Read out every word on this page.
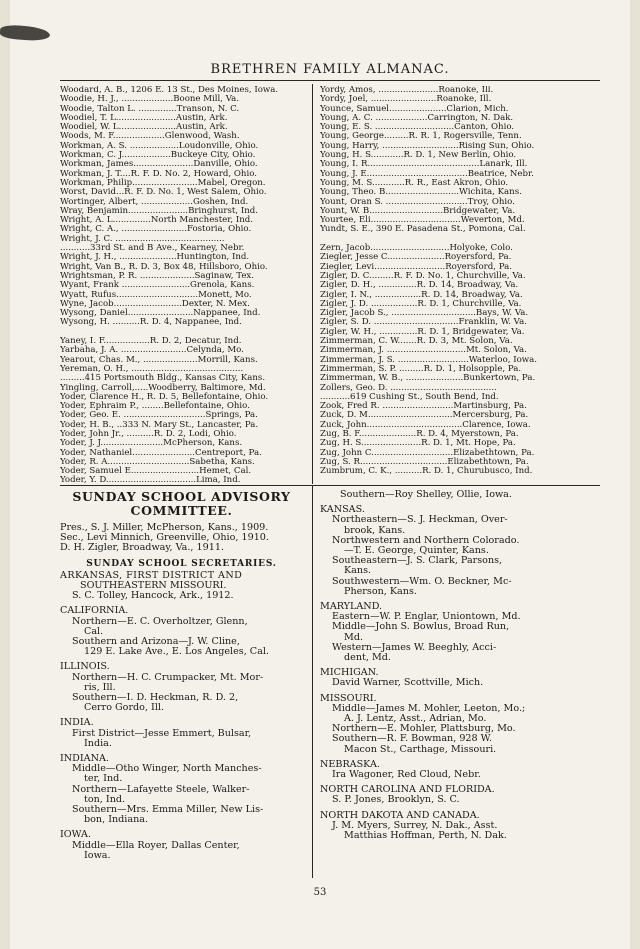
BRETHREN FAMILY ALMANAC.
Woodard, A. B., 1206 E. 13 St., Des Moines, Iowa.
Woodie, H. J., ...................Boone Mill, Va.
Woodie, Talton L. ..............Transon, N. C.
Woodiel, T. L......................Austin, Ark.
Woodiel, W. L.....................Austin, Ark.
Woods, M. F...................Glenwood, Wash.
Workman, A. S. ..................Loudonville, Ohio.
Workman, C. J..................Buckeye City, Ohio.
Workman, James......................Danville, Ohio.
Workman, J. T....R. F. D. No. 2, Howard, Ohio.
Workman, Philip........................Mabel, Oregon.
Worst, David...R. F. D. No. 1, West Salem, Ohio.
Wortinger, Albert, ...................Goshen, Ind.
Wray, Benjamin......................Bringhurst, Ind.
Wright, A. L..............North Manchester, Ind.
Wright, C. A., ........................Fostoria, Ohio.
Wright, J. C. ........................................
...........33rd St. and B Ave., Kearney, Nebr.
Wright, J. H., .....................Huntington, Ind.
Wright, Van B., R. D. 3, Box 48, Hillsboro, Ohio.
Wrightsman, P. R. ....................Saginaw, Tex.
Wyant, Frank .........................Grenola, Kans.
Wyatt, Rufus..............................Monett, Mo.
Wyne, Jacob.........................Dexter, N. Mex.
Wysong, Daniel........................Nappanee, Ind.
Wysong, H. ..........R. D. 4, Nappanee, Ind.
Yaney, I. F.................R. D. 2, Decatur, Ind.
Yarbaha, J. A. ........................Celynda, Mo.
Yearout, Chas. M., ....................Morrill, Kans.
Yereman, O. H., .........................................
.........415 Portsmouth Bldg., Kansas City, Kans.
Yingling, Carroll,.....Woodberry, Baltimore, Md.
Yoder, Clarence H., R. D. 5, Bellefontaine, Ohio.
Yoder, Ephraim P., ........Bellefontaine, Ohio.
Yoder, Geo. E. ..............................Springs, Pa.
Yoder, H. B., ..333 N. Mary St., Lancaster, Pa.
Yoder, John Jr., ..........R. D. 2, Lodi, Ohio.
Yoder, J. J.......................McPherson, Kans.
Yoder, Nathaniel.......................Centreport, Pa.
Yoder, R. A..............................Sabetha, Kans.
Yoder, Samuel E.........................Hemet, Cal.
Yoder, Y. D.................................Lima, Ind.
Yordy, Amos, ......................Roanoke, Ill.
Yordy, Joel, ........................Roanoke, Ill.
Younce, Samuel.....................Clarion, Mich.
Young, A. C. ...................Carrington, N. Dak.
Young, E. S. .............................Canton, Ohio.
Young, George.........R. R. 1, Rogersville, Tenn.
Young, Harry, ............................Rising Sun, Ohio.
Young, H. S............R. D. 1, New Berlin, Ohio.
Young, I. R.........................................Lanark, Ill.
Young, J. E.....................................Beatrice, Nebr.
Young, M. S............R. R., East Akron, Ohio.
Young, Theo. B...........................Wichita, Kans.
Yount, Oran S. ..............................Troy, Ohio.
Yount, W. B...........................Bridgewater, Va.
Yourtee, Eli.................................Weverton, Md.
Yundt, S. E., 390 E. Pasadena St., Pomona, Cal.
Zern, Jacob.............................Holyoke, Colo.
Ziegler, Jesse C.....................Royersford, Pa.
Ziegler, Levi..........................Royersford, Pa.
Zigler, D. C.........R. F. D. No. 1, Churchville, Va.
Zigler, D. H., ..............R. D. 14, Broadway, Va.
Zigler, I. N., .................R. D. 14, Broadway, Va.
Zigler, J. D. .................R. D. 1, Churchville, Va.
Zigler, Jacob S., ...............................Bays, W. Va.
Zigler, S. D. ...............................Franklin, W. Va.
Zigler, W. H., ..............R. D. 1, Bridgewater, Va.
Zimmerman, C. W.......R. D. 3, Mt. Solon, Va.
Zimmerman, J. .............................Mt. Solon, Va.
Zimmerman, J. S. ..........................Waterloo, Iowa.
Zimmerman, S. P. .........R. D. 1, Holsopple, Pa.
Zimmerman, W. B., .....................Bunkertown, Pa.
Zollers, Geo. D. .......................................
...........619 Cushing St., South Bend, Ind.
Zook, Fred R. ..........................Martinsburg, Pa.
Zuck, D. M...............................Mercersburg, Pa.
Zuck, John...................................Clarence, Iowa.
Zug, B. F.....................R. D. 4, Myerstown, Pa.
Zug, H. S......................R. D. 1, Mt. Hope, Pa.
Zug, John C..............................Elizabethtown, Pa.
Zug, S. R................................Elizabethtown, Pa.
Zumbrum, C. K., ..........R. D. 1, Churubusco, Ind.
SUNDAY SCHOOL ADVISORY
COMMITTEE.
Pres., S. J. Miller, McPherson, Kans., 1909.
Sec., Levi Minnich, Greenville, Ohio, 1910.
D. H. Zigler, Broadway, Va., 1911.
SUNDAY SCHOOL SECRETARIES.
ARKANSAS, FIRST DISTRICT AND
SOUTHEASTERN MISSOURI.
S. C. Tolley, Hancock, Ark., 1912.
CALIFORNIA.
Northern—E. C. Overholtzer, Glenn,
Cal.
Southern and Arizona—J. W. Cline,
129 E. Lake Ave., E. Los Angeles, Cal.
ILLINOIS.
Northern—H. C. Crumpacker, Mt. Mor-
ris, Ill.
Southern—I. D. Heckman, R. D. 2,
Cerro Gordo, Ill.
INDIA.
First District—Jesse Emmert, Bulsar,
India.
INDIANA.
Middle—Otho Winger, North Manches-
ter, Ind.
Northern—Lafayette Steele, Walker-
ton, Ind.
Southern—Mrs. Emma Miller, New Lis-
bon, Indiana.
IOWA.
Middle—Ella Royer, Dallas Center,
Iowa.
Southern—Roy Shelley, Ollie, Iowa.
KANSAS.
Northeastern—S. J. Heckman, Over-
brook, Kans.
Northwestern and Northern Colorado.
—T. E. George, Quinter, Kans.
Southeastern—J. S. Clark, Parsons,
Kans.
Southwestern—Wm. O. Beckner, Mc-
Pherson, Kans.
MARYLAND.
Eastern—W. P. Englar, Uniontown, Md.
Middle—John S. Bowlus, Broad Run,
Md.
Western—James W. Beeghly, Acci-
dent, Md.
MICHIGAN.
David Warner, Scottville, Mich.
MISSOURI.
Middle—James M. Mohler, Leeton, Mo.;
A. J. Lentz, Asst., Adrian, Mo.
Northern—E. Mohler, Plattsburg, Mo.
Southern—R. F. Bowman, 928 W.
Macon St., Carthage, Missouri.
NEBRASKA.
Ira Wagoner, Red Cloud, Nebr.
NORTH CAROLINA AND FLORIDA.
S. P. Jones, Brooklyn, S. C.
NORTH DAKOTA AND CANADA.
J. M. Myers, Surrey, N. Dak., Asst.
Matthias Hoffman, Perth, N. Dak.
53
